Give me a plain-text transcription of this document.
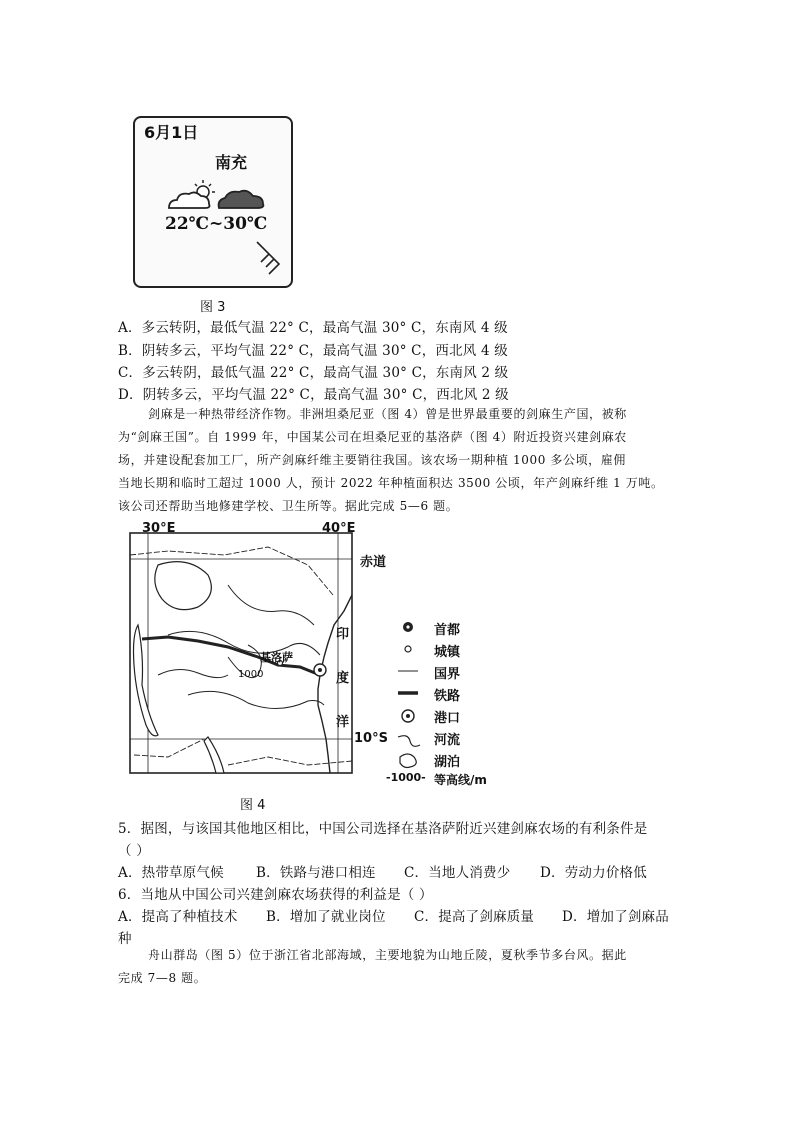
6月1日
南充
22℃~30℃
图 3
A．多云转阴，最低气温 22° C，最高气温 30° C，东南风 4 级
B．阴转多云，平均气温 22° C，最高气温 30° C，西北风 4 级
C．多云转阴，最低气温 22° C，最高气温 30° C，东南风 2 级
D．阴转多云，平均气温 22° C，最高气温 30° C，西北风 2 级
剑麻是一种热带经济作物。非洲坦桑尼亚（图 4）曾是世界最重要的剑麻生产国，被称
为“剑麻王国”。自 1999 年，中国某公司在坦桑尼亚的基洛萨（图 4）附近投资兴建剑麻农
场，并建设配套加工厂，所产剑麻纤维主要销往我国。该农场一期种植 1000 多公顷，雇佣
当地长期和临时工超过 1000 人，预计 2022 年种植面积达 3500 公顷，年产剑麻纤维 1 万吨。
该公司还帮助当地修建学校、卫生所等。据此完成 5—6 题。
30°E	40°E
赤道
10°S
印
度
洋
基洛萨
1000
首都
城镇
国界
铁路
港口
河流
湖泊
-1000- 等高线/m
图 4
5．据图，与该国其他地区相比，中国公司选择在基洛萨附近兴建剑麻农场的有利条件是
（ ）
A．热带草原气候 B．铁路与港口相连 C．当地人消费少 D．劳动力价格低
6．当地从中国公司兴建剑麻农场获得的利益是（ ）
A．提高了种植技术 B．增加了就业岗位 C．提高了剑麻质量 D．增加了剑麻品
种
舟山群岛（图 5）位于浙江省北部海域，主要地貌为山地丘陵，夏秋季节多台风。据此
完成 7—8 题。
